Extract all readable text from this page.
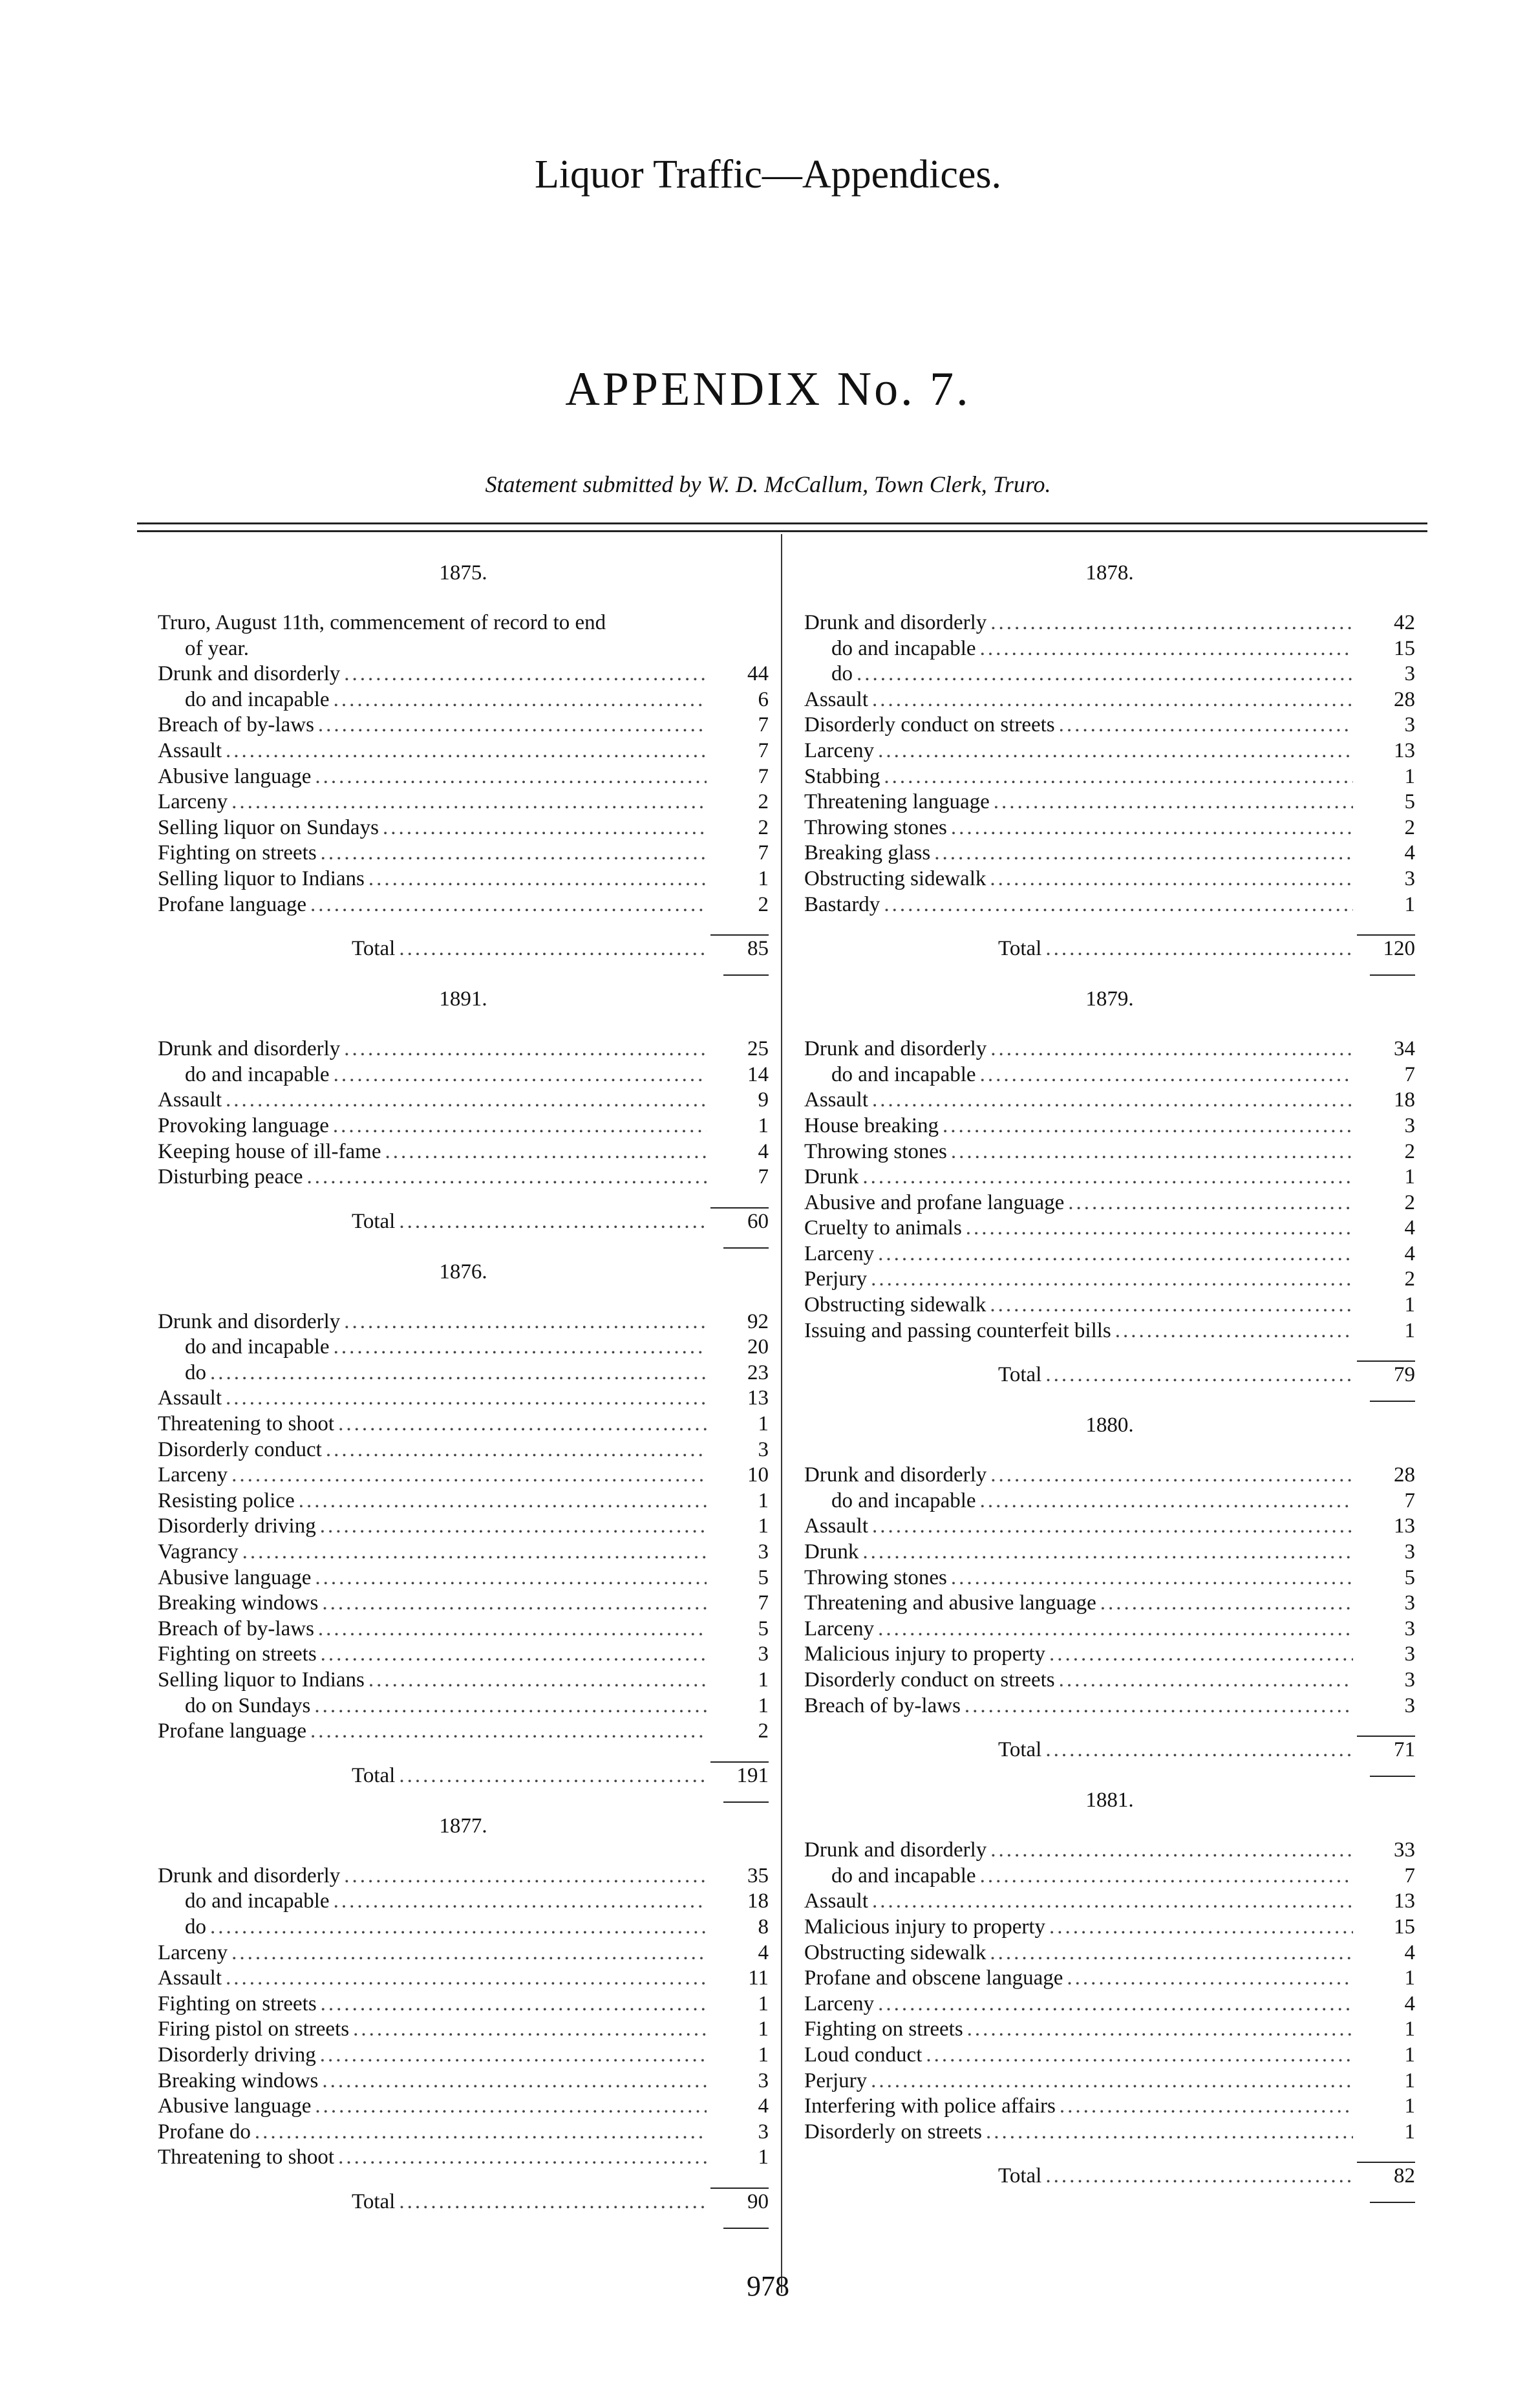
Liquor Traffic—Appendices.
APPENDIX No. 7.
Statement submitted by W. D. McCallum, Town Clerk, Truro.
1875.
Truro, August 11th, commencement of record to end
of year.
Drunk and disorderly .....	44
do and incapable .....	6
Breach of by-laws .....	7
Assault .....	7
Abusive language .....	7
Larceny .....	2
Selling liquor on Sundays .....	2
Fighting on streets .....	7
Selling liquor to Indians .....	1
Profane language .....	2
Total .....	85
1891.
Drunk and disorderly .....	25
do and incapable .....	14
Assault .....	9
Provoking language .....	1
Keeping house of ill-fame .....	4
Disturbing peace .....	7
Total .....	60
1876.
Drunk and disorderly .....	92
do and incapable .....	20
do .....	23
Assault .....	13
Threatening to shoot .....	1
Disorderly conduct .....	3
Larceny .....	10
Resisting police .....	1
Disorderly driving .....	1
Vagrancy .....	3
Abusive language .....	5
Breaking windows .....	7
Breach of by-laws .....	5
Fighting on streets .....	3
Selling liquor to Indians .....	1
do on Sundays .....	1
Profane language .....	2
Total .....	191
1877.
Drunk and disorderly .....	35
do and incapable .....	18
do .....	8
Larceny .....	4
Assault .....	11
Fighting on streets .....	1
Firing pistol on streets .....	1
Disorderly driving .....	1
Breaking windows .....	3
Abusive language .....	4
Profane do .....	3
Threatening to shoot .....	1
Total .....	90
1878.
Drunk and disorderly .....	42
do and incapable .....	15
do .....	3
Assault .....	28
Disorderly conduct on streets .....	3
Larceny .....	13
Stabbing .....	1
Threatening language .....	5
Throwing stones .....	2
Breaking glass .....	4
Obstructing sidewalk .....	3
Bastardy .....	1
Total .....	120
1879.
Drunk and disorderly .....	34
do and incapable .....	7
Assault .....	18
House breaking .....	3
Throwing stones .....	2
Drunk .....	1
Abusive and profane language .....	2
Cruelty to animals .....	4
Larceny .....	4
Perjury .....	2
Obstructing sidewalk .....	1
Issuing and passing counterfeit bills .....	1
Total .....	79
1880.
Drunk and disorderly .....	28
do and incapable .....	7
Assault .....	13
Drunk .....	3
Throwing stones .....	5
Threatening and abusive language .....	3
Larceny .....	3
Malicious injury to property .....	3
Disorderly conduct on streets .....	3
Breach of by-laws .....	3
Total .....	71
1881.
Drunk and disorderly .....	33
do and incapable .....	7
Assault .....	13
Malicious injury to property .....	15
Obstructing sidewalk .....	4
Profane and obscene language .....	1
Larceny .....	4
Fighting on streets .....	1
Loud conduct .....	1
Perjury .....	1
Interfering with police affairs .....	1
Disorderly on streets .....	1
Total .....	82
978
